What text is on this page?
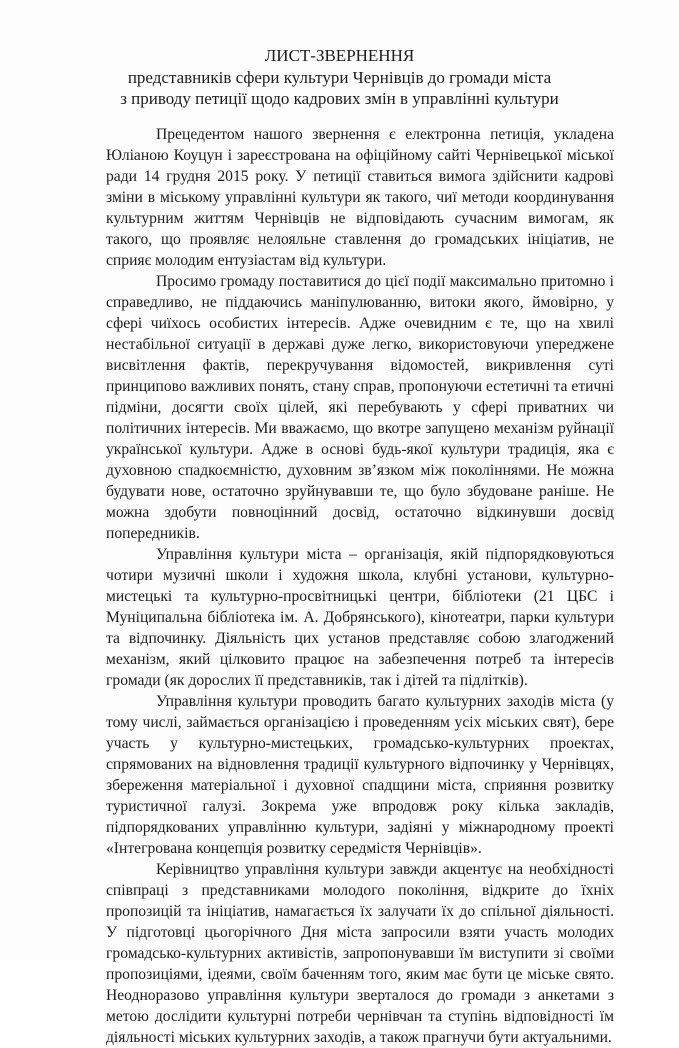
ЛИСТ-ЗВЕРНЕННЯ
представників сфери культури Чернівців до громади міста
з приводу петиції щодо кадрових змін в управлінні культури

Прецедентом нашого звернення є електронна петиція, укладена Юліаною Коуцун і зареєстрована на офіційному сайті Чернівецької міської ради 14 грудня 2015 року. У петиції ставиться вимога здійснити кадрові зміни в міському управлінні культури як такого, чиї методи координування культурним життям Чернівців не відповідають сучасним вимогам, як такого, що проявляє нелояльне ставлення до громадських ініціатив, не сприяє молодим ентузіастам від культури.

Просимо громаду поставитися до цієї події максимально притомно і справедливо, не піддаючись маніпулюванню, витоки якого, ймовірно, у сфері чиїхось особистих інтересів. Адже очевидним є те, що на хвилі нестабільної ситуації в державі дуже легко, використовуючи упереджене висвітлення фактів, перекручування відомостей, викривлення суті принципово важливих понять, стану справ, пропонуючи естетичні та етичні підміни, досягти своїх цілей, які перебувають у сфері приватних чи політичних інтересів. Ми вважаємо, що вкотре запущено механізм руйнації української культури. Адже в основі будь-якої культури традиція, яка є духовною спадкоємністю, духовним зв’язком між поколіннями. Не можна будувати нове, остаточно зруйнувавши те, що було збудоване раніше. Не можна здобути повноцінний досвід, остаточно відкинувши досвід попередників.

Управління культури міста – організація, якій підпорядковуються чотири музичні школи і художня школа, клубні установи, культурно-мистецькі та культурно-просвітницькі центри, бібліотеки (21 ЦБС і Муніципальна бібліотека ім. А. Добрянського), кінотеатри, парки культури та відпочинку. Діяльність цих установ представляє собою злагоджений механізм, який цілковито працює на забезпечення потреб та інтересів громади (як дорослих її представників, так і дітей та підлітків).

Управління культури проводить багато культурних заходів міста (у тому числі, займається організацією і проведенням усіх міських свят), бере участь у культурно-мистецьких, громадсько-культурних проектах, спрямованих на відновлення традиції культурного відпочинку у Чернівцях, збереження матеріальної і духовної спадщини міста, сприяння розвитку туристичної галузі. Зокрема уже впродовж року кілька закладів, підпорядкованих управлінню культури, задіяні у міжнародному проекті «Інтегрована концепція розвитку середмістя Чернівців».

Керівництво управління культури завжди акцентує на необхідності співпраці з представниками молодого покоління, відкрите до їхніх пропозицій та ініціатив, намагається їх залучати їх до спільної діяльності. У підготовці цьогорічного Дня міста запросили взяти участь молодих громадсько-культурних активістів, запропонувавши їм виступити зі своїми пропозиціями, ідеями, своїм баченням того, яким має бути це міське свято. Неодноразово управління культури зверталося до громади з анкетами з метою дослідити культурні потреби чернівчан та ступінь відповідності їм діяльності міських культурних заходів, а також прагнучи бути актуальними.
